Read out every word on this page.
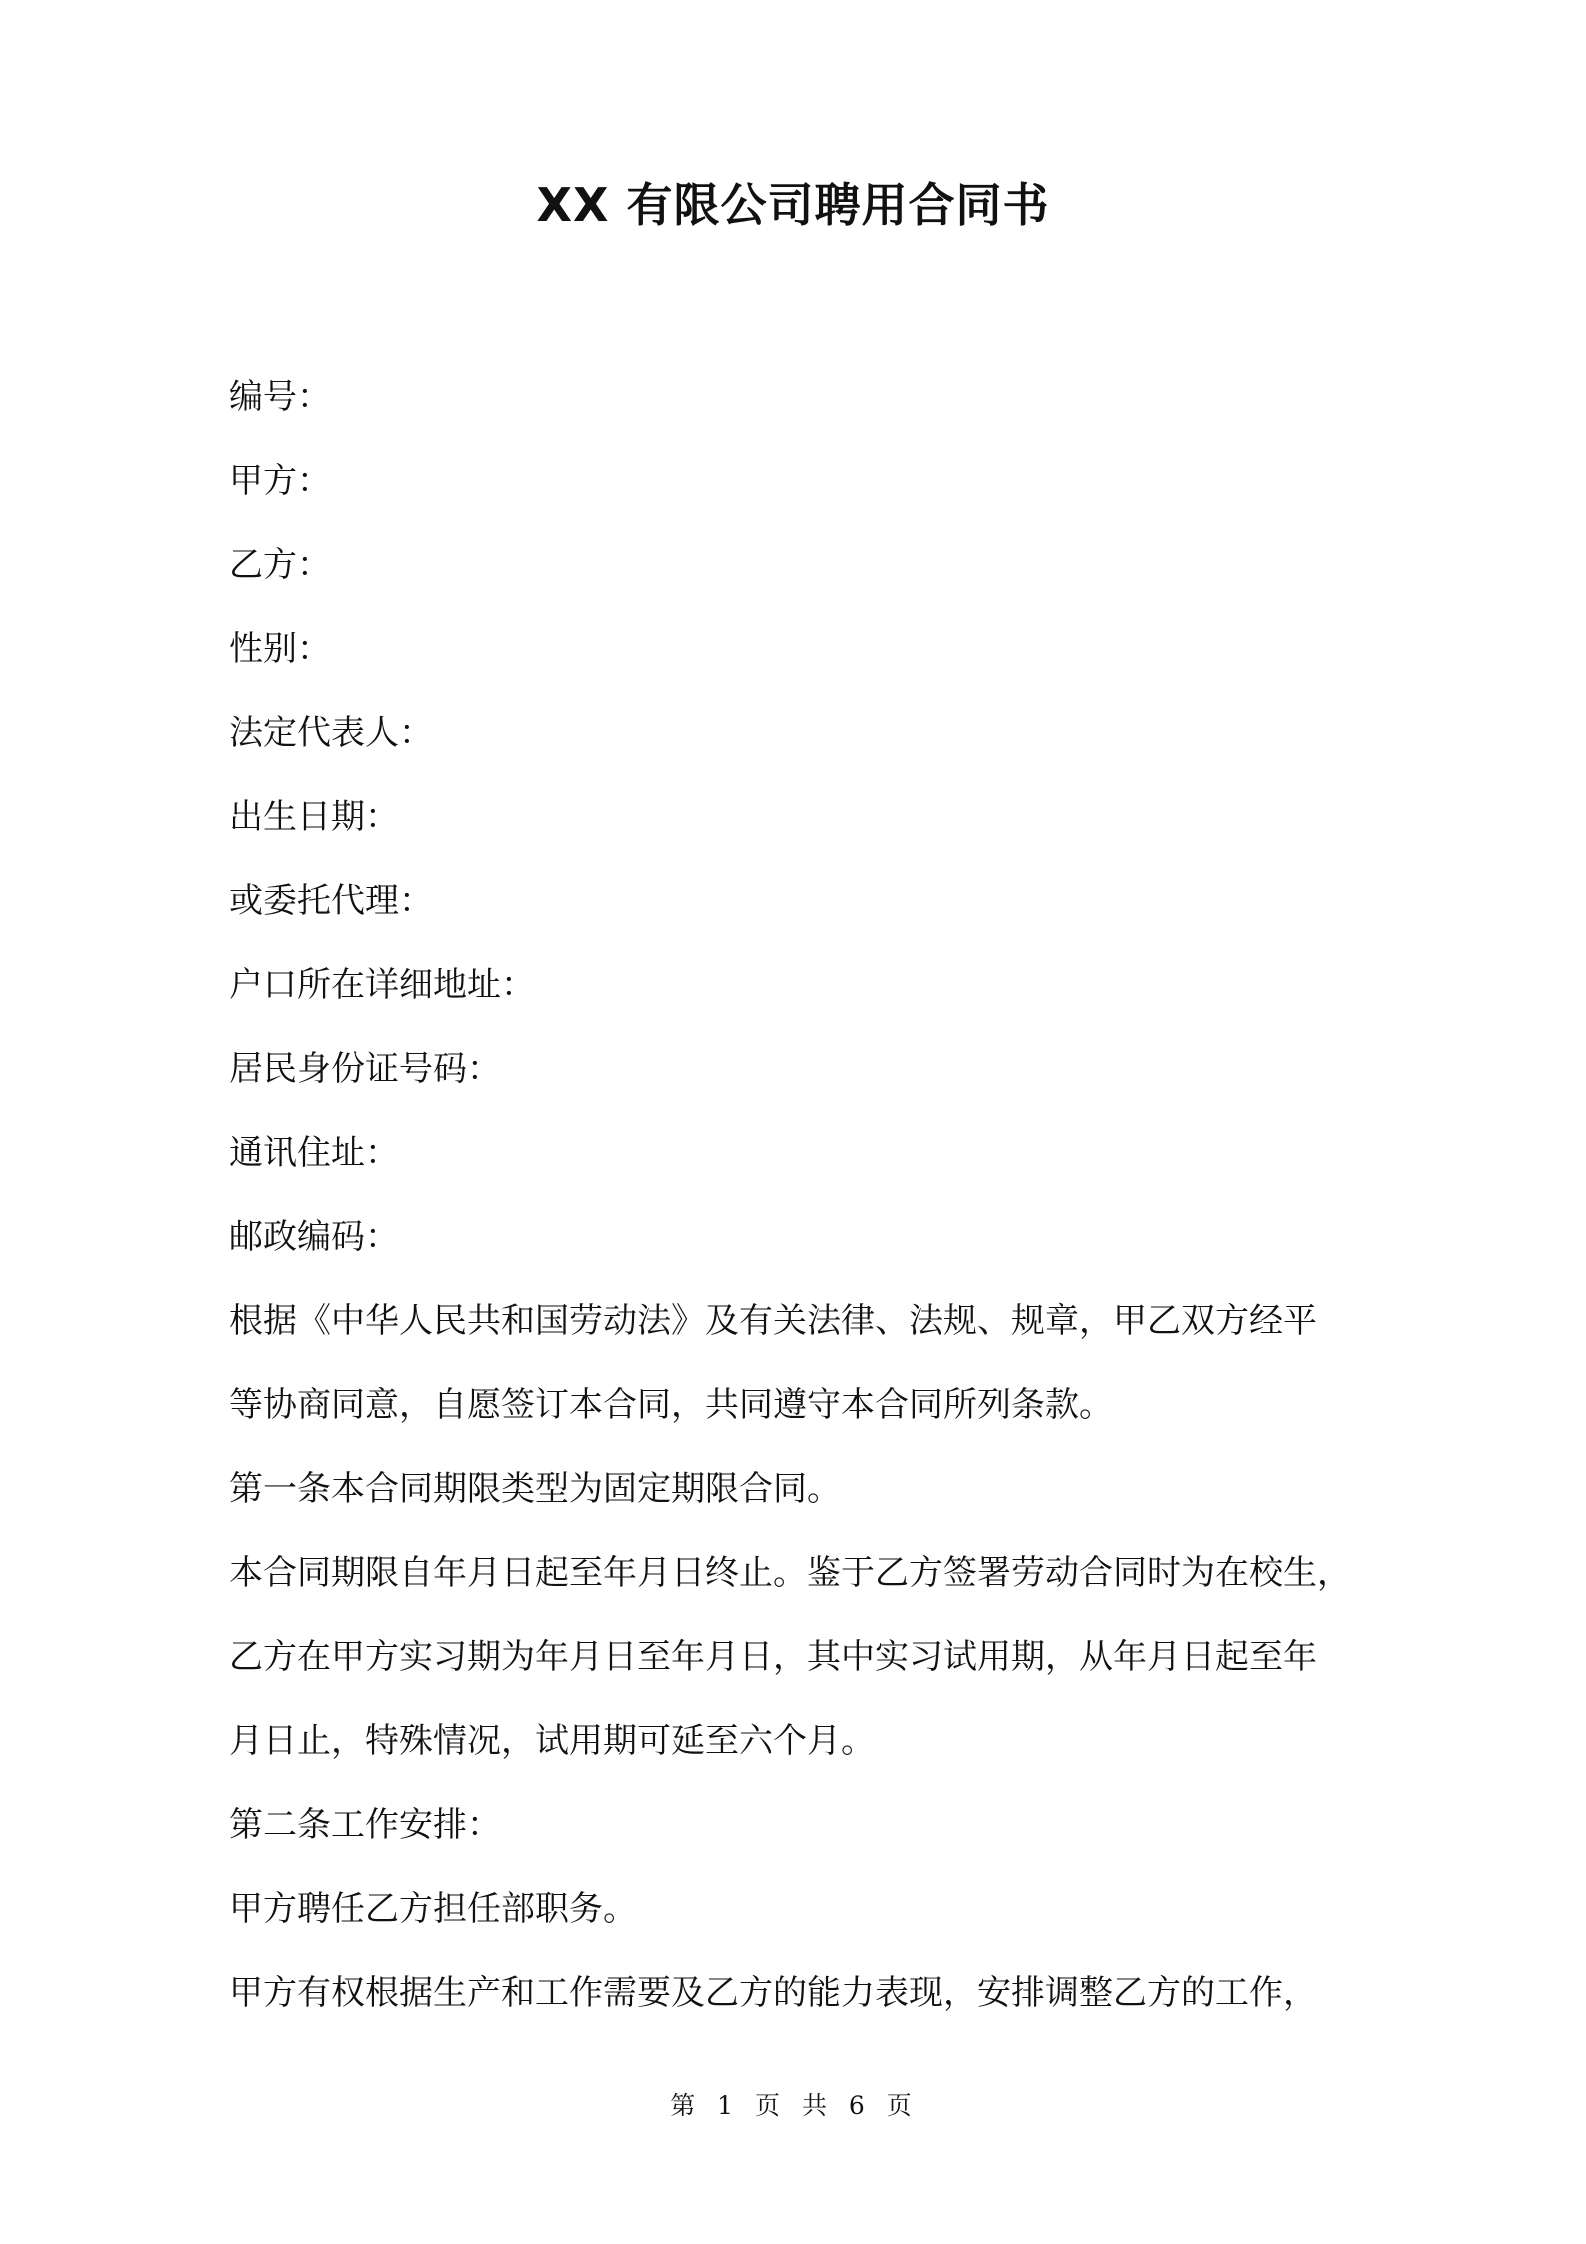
XX 有限公司聘用合同书
编号：
甲方：
乙方：
性别：
法定代表人：
出生日期：
或委托代理：
户口所在详细地址：
居民身份证号码：
通讯住址：
邮政编码：
根据《中华人民共和国劳动法》及有关法律、法规、规章，甲乙双方经平
等协商同意，自愿签订本合同，共同遵守本合同所列条款。
第一条本合同期限类型为固定期限合同。
本合同期限自年月日起至年月日终止。鉴于乙方签署劳动合同时为在校生，
乙方在甲方实习期为年月日至年月日，其中实习试用期，从年月日起至年
月日止，特殊情况，试用期可延至六个月。
第二条工作安排：
甲方聘任乙方担任部职务。
甲方有权根据生产和工作需要及乙方的能力表现，安排调整乙方的工作，
第 1 页 共 6 页
